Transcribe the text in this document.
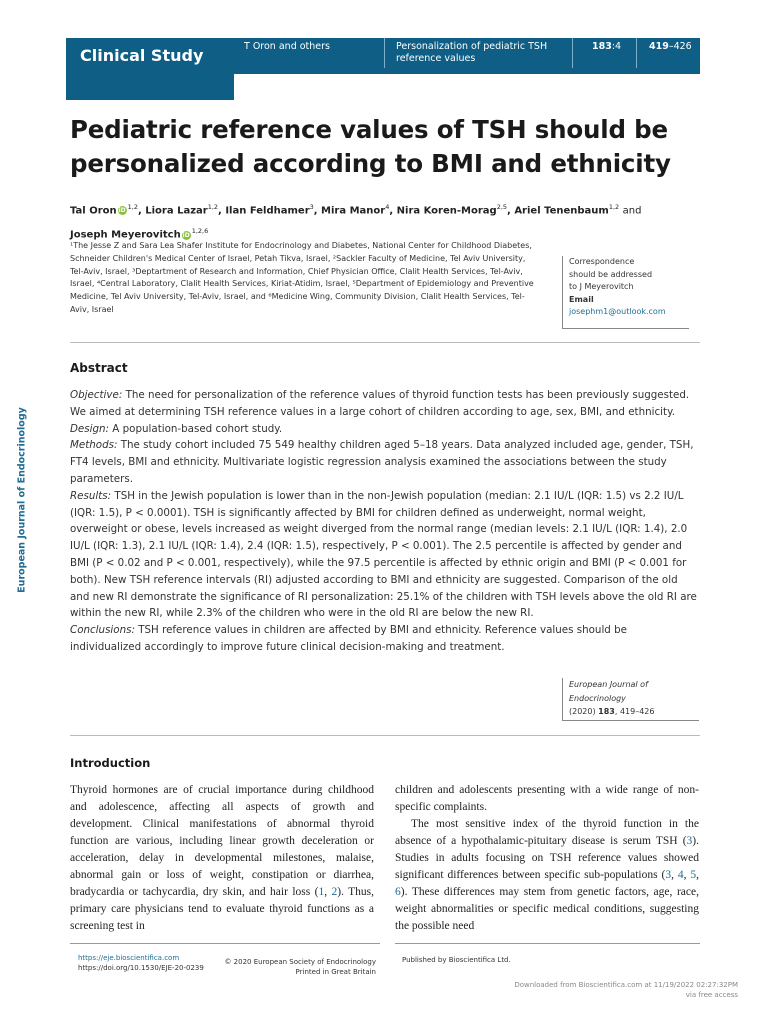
Clinical Study	T Oron and others	Personalization of pediatric TSH reference values
183:4	419–426
European Journal of Endocrinology
Pediatric reference values of TSH should be personalized according to BMI and ethnicity
Tal Oron iD $^{1,2}$, Liora Lazar$^{1,2}$, Ilan Feldhamer$^3$, Mira Manor$^4$, Nira Koren-Morag$^{2,5}$, Ariel Tenenbaum$^{1,2}$ and
Joseph Meyerovitch iD $^{1,2,6}$
¹The Jesse Z and Sara Lea Shafer Institute for Endocrinology and Diabetes, National Center for Childhood Diabetes, Schneider Children's Medical Center of Israel, Petah Tikva, Israel, ²Sackler Faculty of Medicine, Tel Aviv University, Tel-Aviv, Israel, ³Deptartment of Research and Information, Chief Physician Office, Clalit Health Services, Tel-Aviv, Israel, ⁴Central Laboratory, Clalit Health Services, Kiriat-Atidim, Israel, ⁵Department of Epidemiology and Preventive Medicine, Tel Aviv University, Tel-Aviv, Israel, and ⁶Medicine Wing, Community Division, Clalit Health Services, Tel-Aviv, Israel
Correspondence
should be addressed
to J Meyerovitch
Email
josephm1@outlook.com
Abstract

Objective: The need for personalization of the reference values of thyroid function tests has been previously suggested. We aimed at determining TSH reference values in a large cohort of children according to age, sex, BMI, and ethnicity.

Design: A population-based cohort study.

Methods: The study cohort included 75 549 healthy children aged 5–18 years. Data analyzed included age, gender, TSH, FT4 levels, BMI and ethnicity. Multivariate logistic regression analysis examined the associations between the study parameters.

Results: TSH in the Jewish population is lower than in the non-Jewish population (median: 2.1 IU/L (IQR: 1.5) vs 2.2 IU/L (IQR: 1.5), P < 0.0001). TSH is significantly affected by BMI for children defined as underweight, normal weight, overweight or obese, levels increased as weight diverged from the normal range (median levels: 2.1 IU/L (IQR: 1.4), 2.0 IU/L (IQR: 1.3), 2.1 IU/L (IQR: 1.4), 2.4 (IQR: 1.5), respectively, P < 0.001). The 2.5 percentile is affected by gender and BMI (P < 0.02 and P < 0.001, respectively), while the 97.5 percentile is affected by ethnic origin and BMI (P < 0.001 for both). New TSH reference intervals (RI) adjusted according to BMI and ethnicity are suggested. Comparison of the old and new RI demonstrate the significance of RI personalization: 25.1% of the children with TSH levels above the old RI are within the new RI, while 2.3% of the children who were in the old RI are below the new RI.

Conclusions: TSH reference values in children are affected by BMI and ethnicity. Reference values should be individualized accordingly to improve future clinical decision-making and treatment.

European Journal of
Endocrinology
(2020) 183, 419–426
Introduction

Thyroid hormones are of crucial importance during childhood and adolescence, affecting all aspects of growth and development. Clinical manifestations of abnormal thyroid function are various, including linear growth deceleration or acceleration, delay in developmental milestones, malaise, abnormal gain or loss of weight, constipation or diarrhea, bradycardia or tachycardia, dry skin, and hair loss (1, 2). Thus, primary care physicians tend to evaluate thyroid functions as a screening test in

children and adolescents presenting with a wide range of non-specific complaints.

The most sensitive index of the thyroid function in the absence of a hypothalamic-pituitary disease is serum TSH (3). Studies in adults focusing on TSH reference values showed significant differences between specific sub-populations (3, 4, 5, 6). These differences may stem from genetic factors, age, race, weight abnormalities or specific medical conditions, suggesting the possible need

https://eje.bioscientifica.com
https://doi.org/10.1530/EJE-20-0239
© 2020 European Society of Endocrinology
Printed in Great Britain
Published by Bioscientifica Ltd.
Downloaded from Bioscientifica.com at 11/19/2022 02:27:32PM
via free access
